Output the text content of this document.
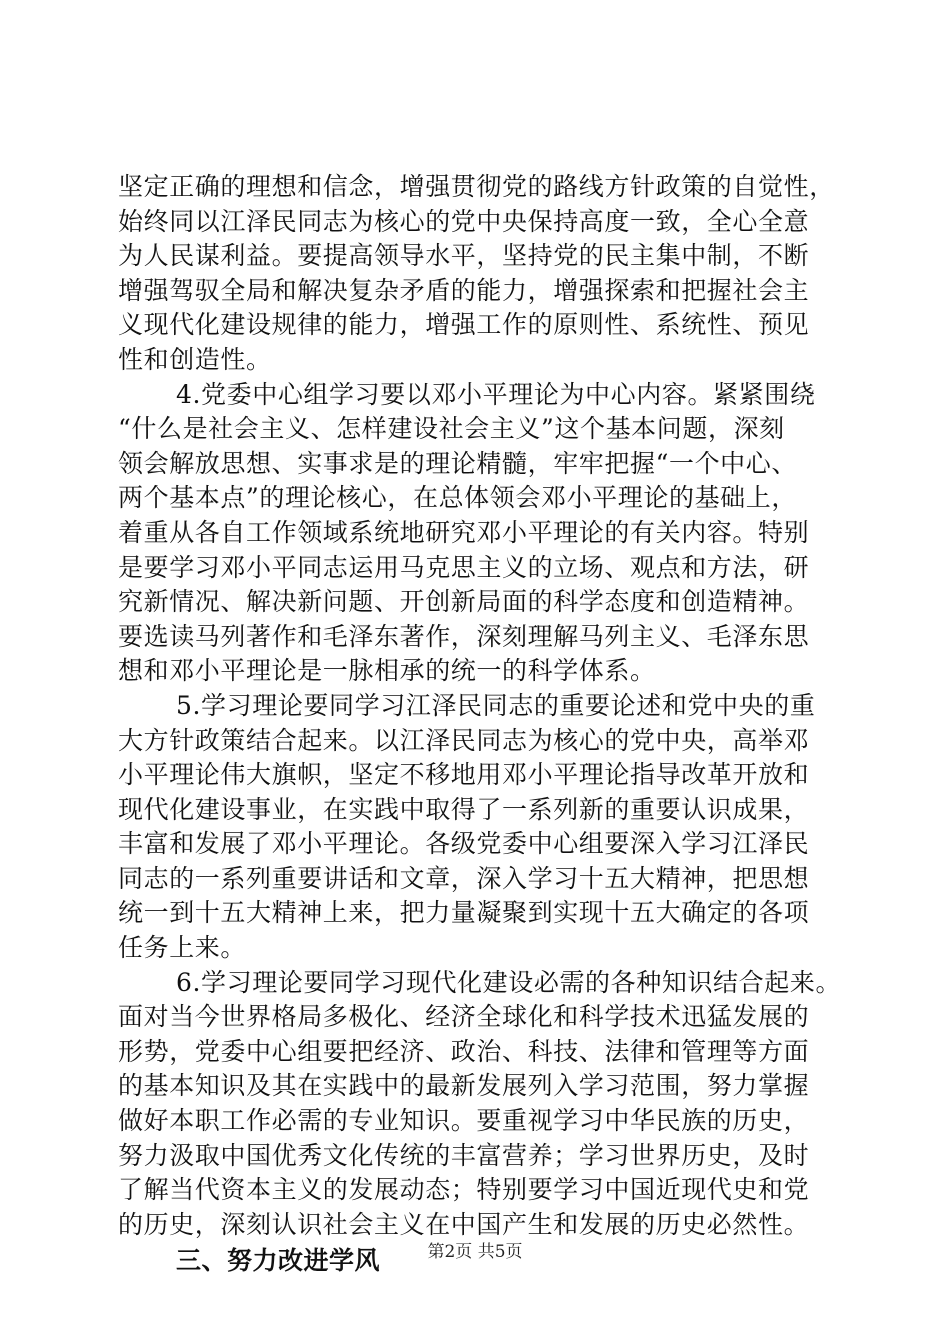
坚定正确的理想和信念，增强贯彻党的路线方针政策的自觉性，
始终同以江泽民同志为核心的党中央保持高度一致，全心全意
为人民谋利益。要提高领导水平，坚持党的民主集中制，不断
增强驾驭全局和解决复杂矛盾的能力，增强探索和把握社会主
义现代化建设规律的能力，增强工作的原则性、系统性、预见
性和创造性。
4.党委中心组学习要以邓小平理论为中心内容。紧紧围绕
“什么是社会主义、怎样建设社会主义”这个基本问题，深刻
领会解放思想、实事求是的理论精髓，牢牢把握“一个中心、
两个基本点”的理论核心，在总体领会邓小平理论的基础上，
着重从各自工作领域系统地研究邓小平理论的有关内容。特别
是要学习邓小平同志运用马克思主义的立场、观点和方法，研
究新情况、解决新问题、开创新局面的科学态度和创造精神。
要选读马列著作和毛泽东著作，深刻理解马列主义、毛泽东思
想和邓小平理论是一脉相承的统一的科学体系。
5.学习理论要同学习江泽民同志的重要论述和党中央的重
大方针政策结合起来。以江泽民同志为核心的党中央，高举邓
小平理论伟大旗帜，坚定不移地用邓小平理论指导改革开放和
现代化建设事业，在实践中取得了一系列新的重要认识成果，
丰富和发展了邓小平理论。各级党委中心组要深入学习江泽民
同志的一系列重要讲话和文章，深入学习十五大精神，把思想
统一到十五大精神上来，把力量凝聚到实现十五大确定的各项
任务上来。
6.学习理论要同学习现代化建设必需的各种知识结合起来。
面对当今世界格局多极化、经济全球化和科学技术迅猛发展的
形势，党委中心组要把经济、政治、科技、法律和管理等方面
的基本知识及其在实践中的最新发展列入学习范围，努力掌握
做好本职工作必需的专业知识。要重视学习中华民族的历史，
努力汲取中国优秀文化传统的丰富营养；学习世界历史，及时
了解当代资本主义的发展动态；特别要学习中国近现代史和党
的历史，深刻认识社会主义在中国产生和发展的历史必然性。
三、努力改进学风	第2页 共5页
